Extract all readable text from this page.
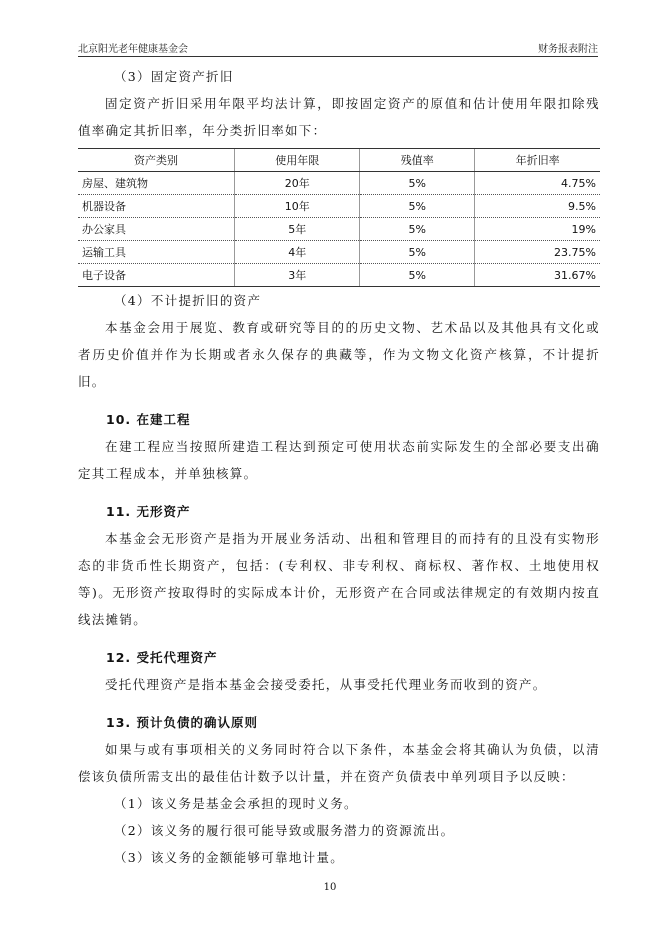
北京阳光老年健康基金会	财务报表附注

（3）固定资产折旧

固定资产折旧采用年限平均法计算，即按固定资产的原值和估计使用年限扣除残值率确定其折旧率，年分类折旧率如下：

资产类别	使用年限	残值率	年折旧率
房屋、建筑物	20年	5%	4.75%
机器设备	10年	5%	9.5%
办公家具	5年	5%	19%
运输工具	4年	5%	23.75%
电子设备	3年	5%	31.67%

（4）不计提折旧的资产

本基金会用于展览、教育或研究等目的的历史文物、艺术品以及其他具有文化或者历史价值并作为长期或者永久保存的典藏等，作为文物文化资产核算，不计提折旧。

10. 在建工程

在建工程应当按照所建造工程达到预定可使用状态前实际发生的全部必要支出确定其工程成本，并单独核算。

11. 无形资产

本基金会无形资产是指为开展业务活动、出租和管理目的而持有的且没有实物形态的非货币性长期资产，包括：(专利权、非专利权、商标权、著作权、土地使用权等)。无形资产按取得时的实际成本计价，无形资产在合同或法律规定的有效期内按直线法摊销。

12. 受托代理资产

受托代理资产是指本基金会接受委托，从事受托代理业务而收到的资产。

13. 预计负债的确认原则

如果与或有事项相关的义务同时符合以下条件，本基金会将其确认为负债，以清偿该负债所需支出的最佳估计数予以计量，并在资产负债表中单列项目予以反映：

（1）该义务是基金会承担的现时义务。

（2）该义务的履行很可能导致或服务潜力的资源流出。

（3）该义务的金额能够可靠地计量。

10
